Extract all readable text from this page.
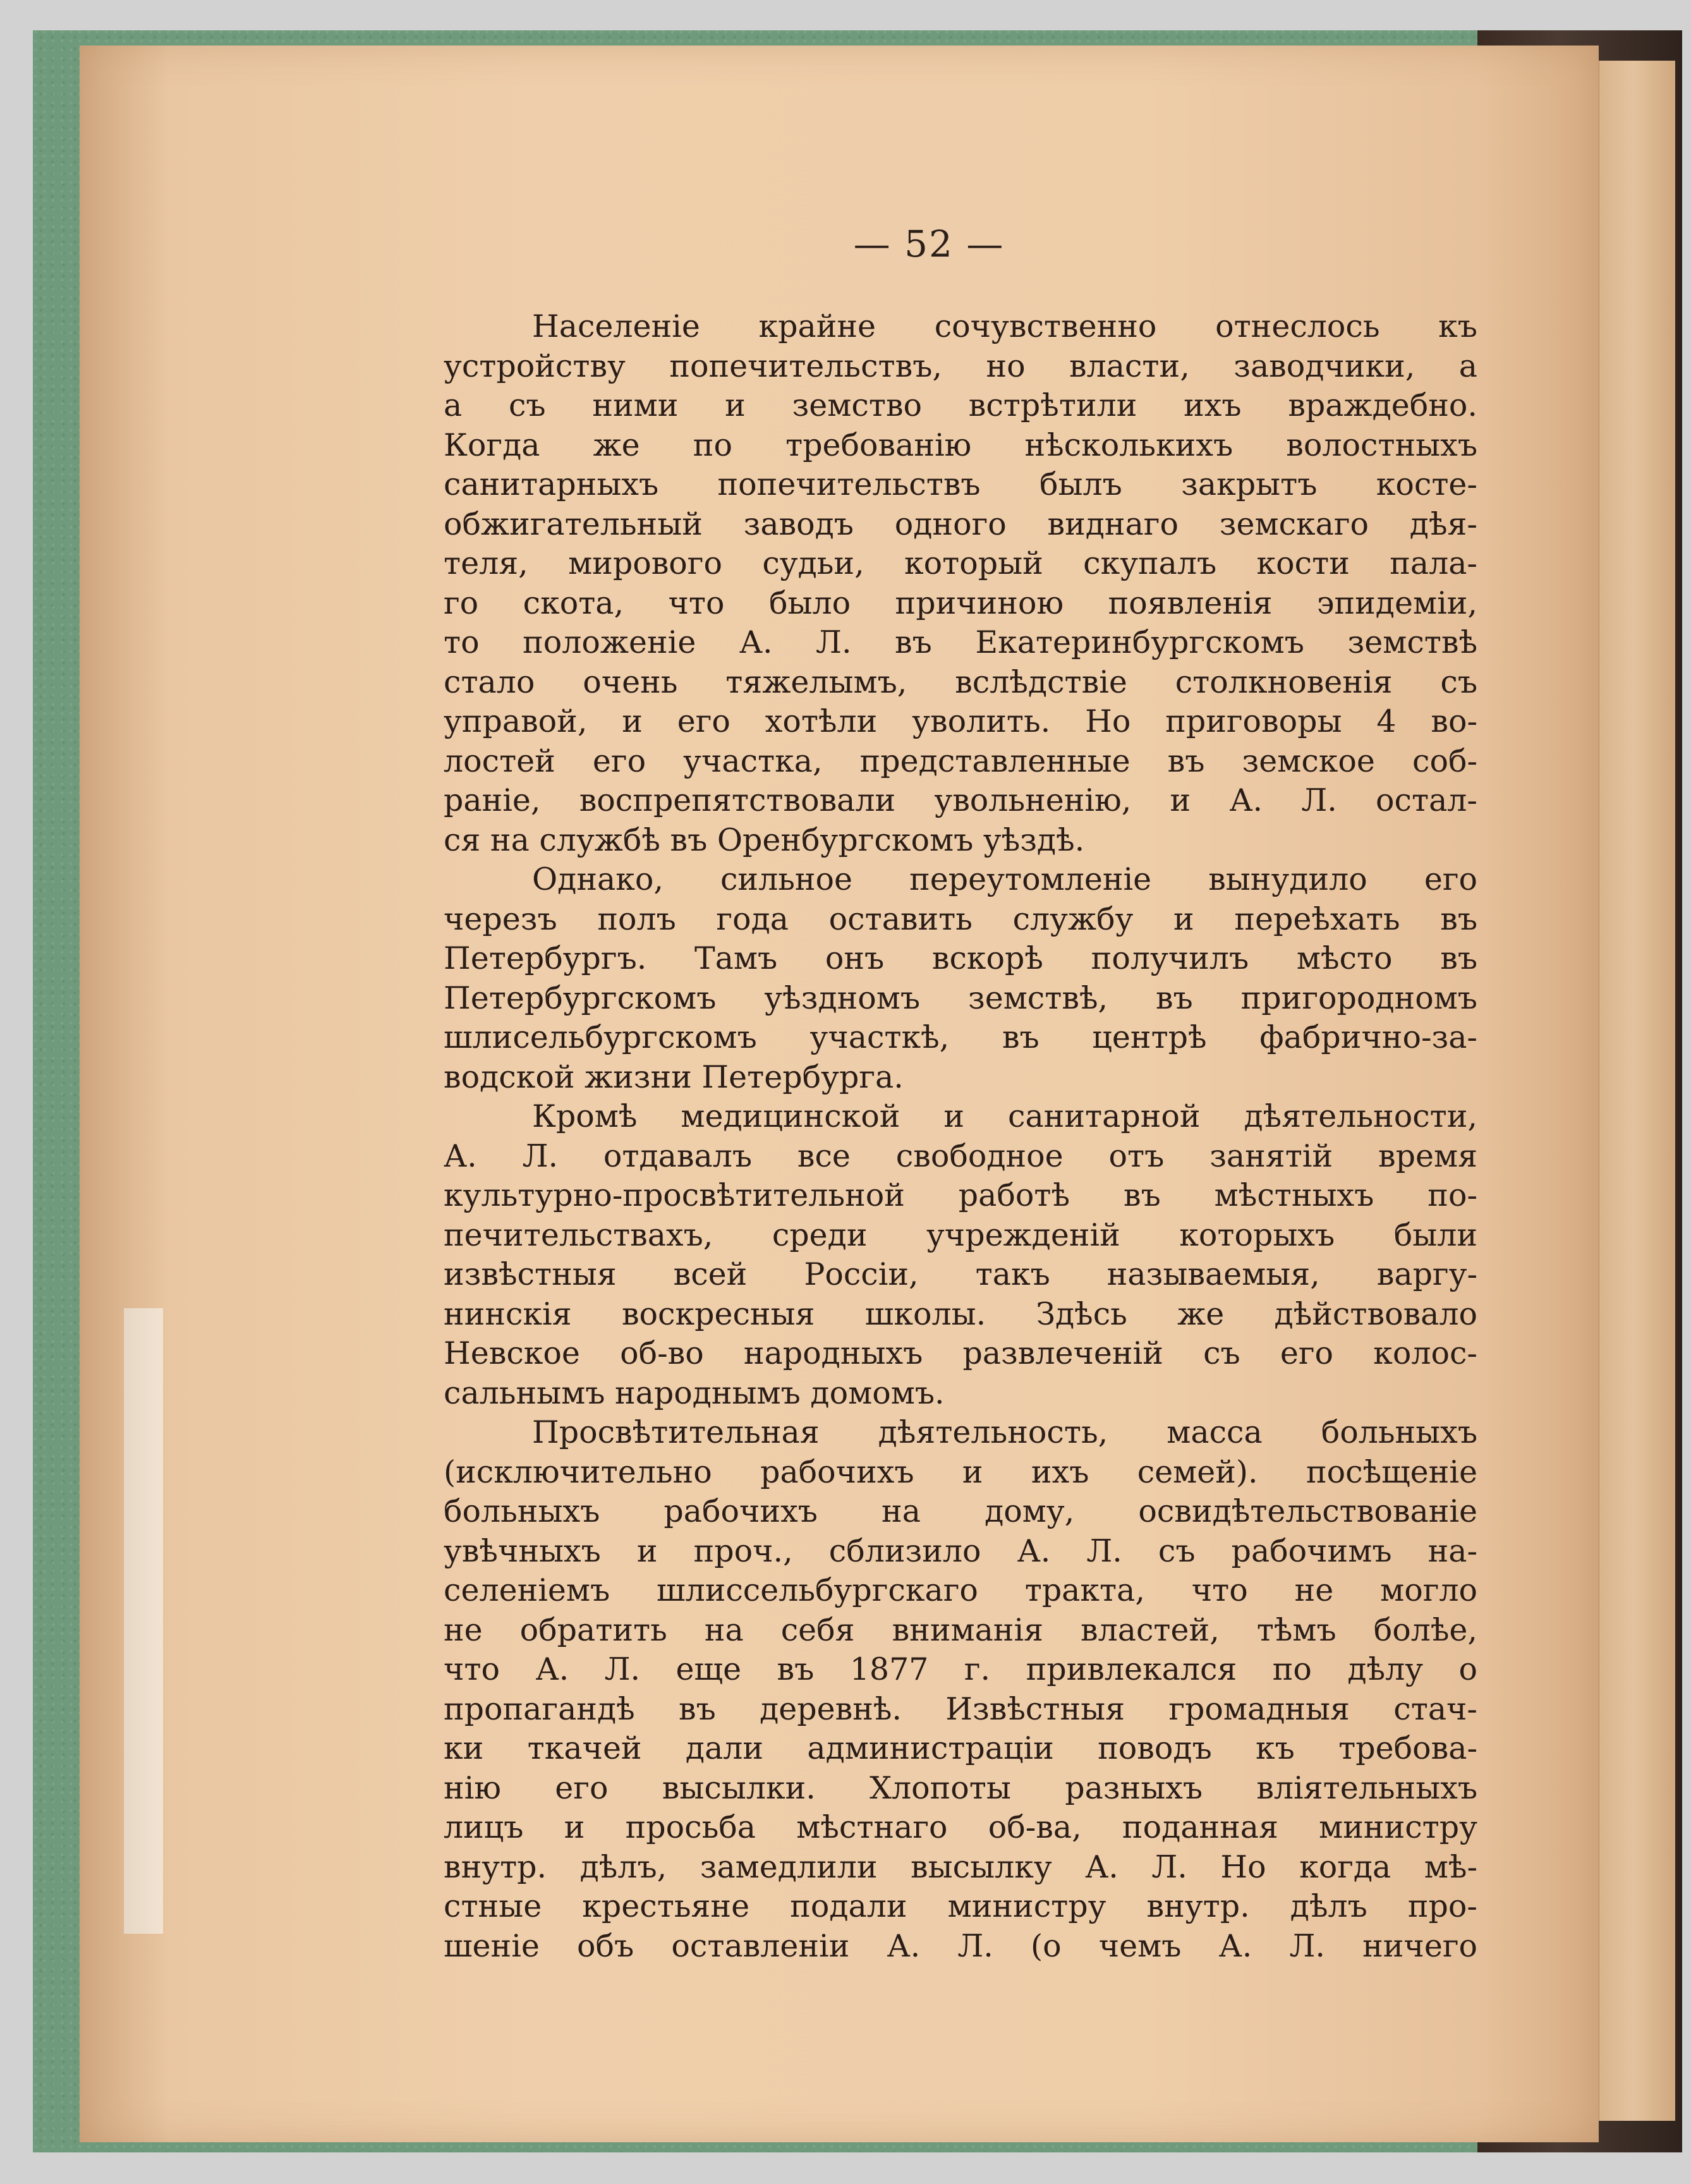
— 52 —
Населеніе крайне сочувственно отнеслось къ
устройству попечительствъ, но власти, заводчики, а
а съ ними и земство встрѣтили ихъ враждебно.
Когда же по требованію нѣсколькихъ волостныхъ
санитарныхъ попечительствъ былъ закрытъ косте-
обжигательный заводъ одного виднаго земскаго дѣя-
теля, мирового судьи, который скупалъ кости пала-
го скота, что было причиною появленія эпидеміи,
то положеніе А. Л. въ Екатеринбургскомъ земствѣ
стало очень тяжелымъ, вслѣдствіе столкновенія съ
управой, и его хотѣли уволить. Но приговоры 4 во-
лостей его участка, представленные въ земское соб-
раніе, воспрепятствовали увольненію, и А. Л. остал-
ся на службѣ въ Оренбургскомъ уѣздѣ.
Однако, сильное переутомленіе вынудило его
черезъ полъ года оставить службу и переѣхать въ
Петербургъ. Тамъ онъ вскорѣ получилъ мѣсто въ
Петербургскомъ уѣздномъ земствѣ, въ пригородномъ
шлисельбургскомъ участкѣ, въ центрѣ фабрично-за-
водской жизни Петербурга.
Кромѣ медицинской и санитарной дѣятельности,
А. Л. отдавалъ все свободное отъ занятій время
культурно-просвѣтительной работѣ въ мѣстныхъ по-
печительствахъ, среди учрежденій которыхъ были
извѣстныя всей Россіи, такъ называемыя, варгу-
нинскія воскресныя школы. Здѣсь же дѣйствовало
Невское об-во народныхъ развлеченій съ его колос-
сальнымъ народнымъ домомъ.
Просвѣтительная дѣятельность, масса больныхъ
(исключительно рабочихъ и ихъ семей). посѣщеніе
больныхъ рабочихъ на дому, освидѣтельствованіе
увѣчныхъ и проч., сблизило А. Л. съ рабочимъ на-
селеніемъ шлиссельбургскаго тракта, что не могло
не обратить на себя вниманія властей, тѣмъ болѣе,
что А. Л. еще въ 1877 г. привлекался по дѣлу о
пропагандѣ въ деревнѣ. Извѣстныя громадныя стач-
ки ткачей дали администраціи поводъ къ требова-
нію его высылки. Хлопоты разныхъ вліятельныхъ
лицъ и просьба мѣстнаго об-ва, поданная министру
внутр. дѣлъ, замедлили высылку А. Л. Но когда мѣ-
стные крестьяне подали министру внутр. дѣлъ про-
шеніе объ оставленіи А. Л. (о чемъ А. Л. ничего
